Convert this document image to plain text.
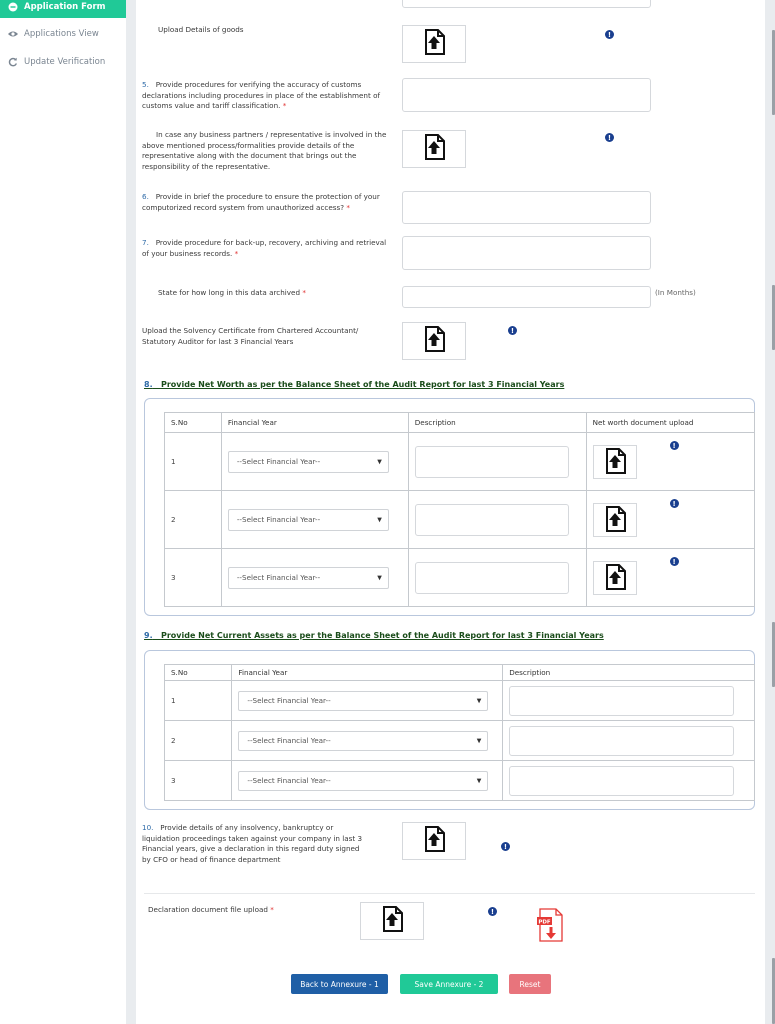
Application Form
Applications View
Update Verification
Upload Details of goods
!
5. Provide procedures for verifying the accuracy of customs declarations including procedures in place of the establishment of customs value and tariff classification. *
In case any business partners / representative is involved in the above mentioned process/formalities provide details of the representative along with the document that brings out the responsibility of the representative.
!
6. Provide in brief the procedure to ensure the protection of your computorized record system from unauthorized access? *
7. Provide procedure for back-up, recovery, archiving and retrieval of your business records. *
State for how long in this data archived *	(In Months)
Upload the Solvency Certificate from Chartered Accountant/ Statutory Auditor for last 3 Financial Years
!
8. Provide Net Worth as per the Balance Sheet of the Audit Report for last 3 Financial Years
S.No	Financial Year	Description	Net worth document upload
1	--Select Financial Year-- ▼		!

2	--Select Financial Year-- ▼		!

3	--Select Financial Year-- ▼		!
9. Provide Net Current Assets as per the Balance Sheet of the Audit Report for last 3 Financial Years
S.No	Financial Year	Description
1	--Select Financial Year-- ▼	

2	--Select Financial Year-- ▼	

3	--Select Financial Year-- ▼	

10. Provide details of any insolvency, bankruptcy or liquidation proceedings taken against your company in last 3 Financial years, give a declaration in this regard duty signed by CFO or head of finance department
!
Declaration document file upload *	!
PDF
Back to Annexure - 1	Save Annexure - 2	Reset
